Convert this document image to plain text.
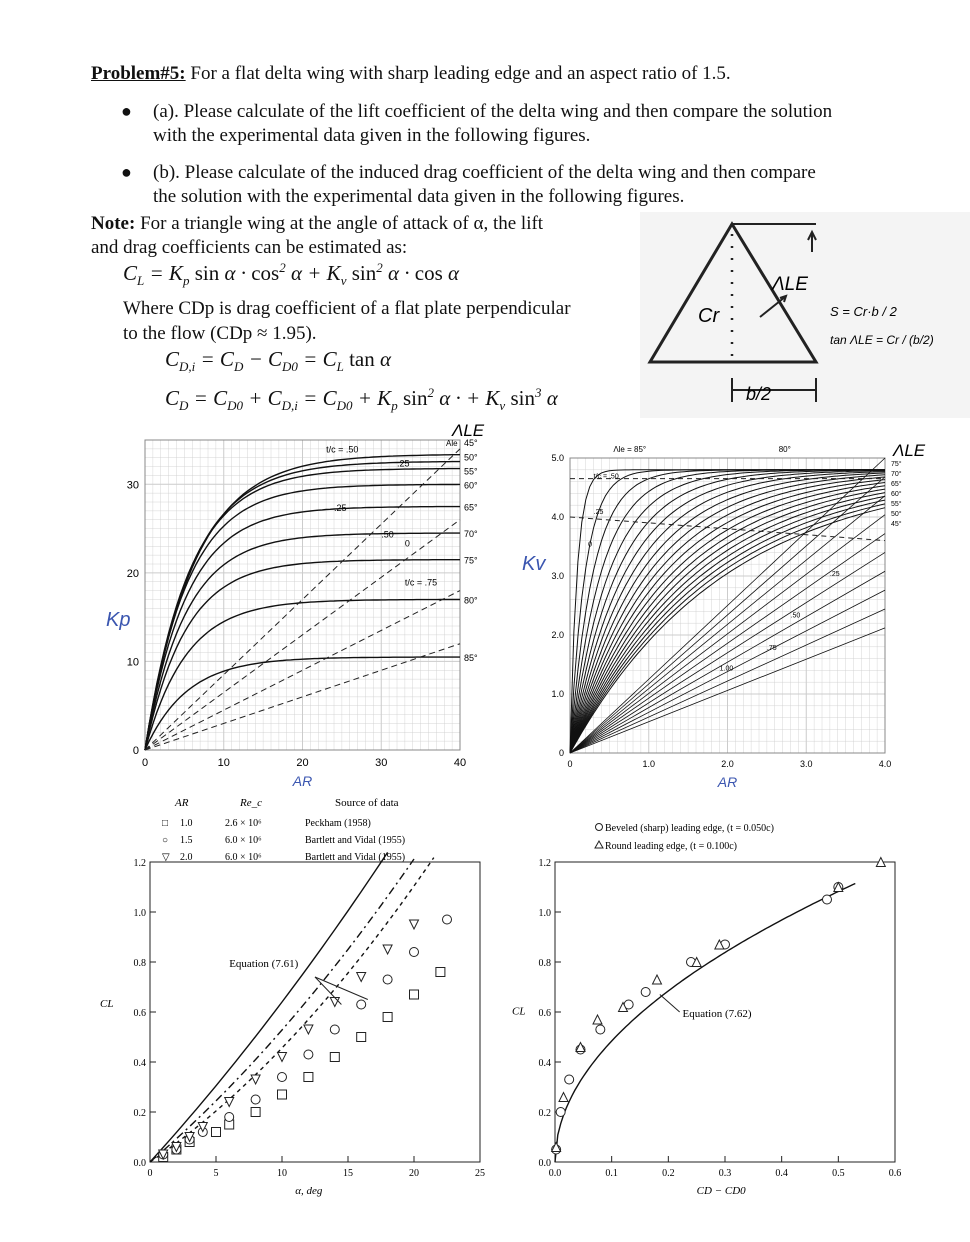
Problem#5: For a flat delta wing with sharp leading edge and an aspect ratio of 1.5.
● (a). Please calculate of the lift coefficient of the delta wing and then compare the solution
with the experimental data given in the following figures.
● (b). Please calculate of the induced drag coefficient of the delta wing and then compare
the solution with the experimental data given in the following figures.
Note: For a triangle wing at the angle of attack of α, the lift
and drag coefficients can be estimated as:
$C_L = K_p$ $\sin \alpha \cdot \cos^2 \alpha + K_v$ $\sin^2 \alpha \cdot \cos \alpha$
Where CDp is drag coefficient of a flat plate perpendicular
to the flow (CDp ≈ 1.95).
$C_{D,i} = C_D - C_{D0} = C_L$ tan α
$C_D = C_{D0} + C_{D,i} = C_{D0} + K_p$ $\sin^2 \alpha$ · + $K_v$ $\sin^3 \alpha$
Cr
ΛLE
b/2
S = Cr·b / 2
tan ΛLE = Cr / (b/2)
0	10	20	30	40
0
10
20
30
AR
Kp
ΛLE
Ale 45°
50°
55°
60°
65°
70°
75°
80°
85°
t/c = .50
.25
.25
.50
t/c = .75
0
0	1.0	2.0	3.0	4.0
0
1.0
2.0
3.0
4.0
5.0
AR
Kv
ΛLE
Λle = 85°	80°
75°
70°
65°
60°
55°
50°
45°
t/c = .50
.25
0
.25
.50
.75
1.00
AR	Re_c	Source of data
□ 1.0	2.6 × 10⁶	Peckham (1958)
○ 1.5	6.0 × 10⁶	Bartlett and Vidal (1955)
▽ 2.0	6.0 × 10⁶	Bartlett and Vidal (1955)
0	5	10	15	20	25
0.0
0.2
0.4
0.6
0.8
1.0
1.2
α, deg
CL
Equation (7.61)
Beveled (sharp) leading edge, (t = 0.050c)
Round leading edge, (t = 0.100c)
0.0	0.1	0.2	0.3	0.4	0.5	0.6
0.0
0.2
0.4
0.6
0.8
1.0
1.2
CD − CD0
CL	Equation (7.62)
